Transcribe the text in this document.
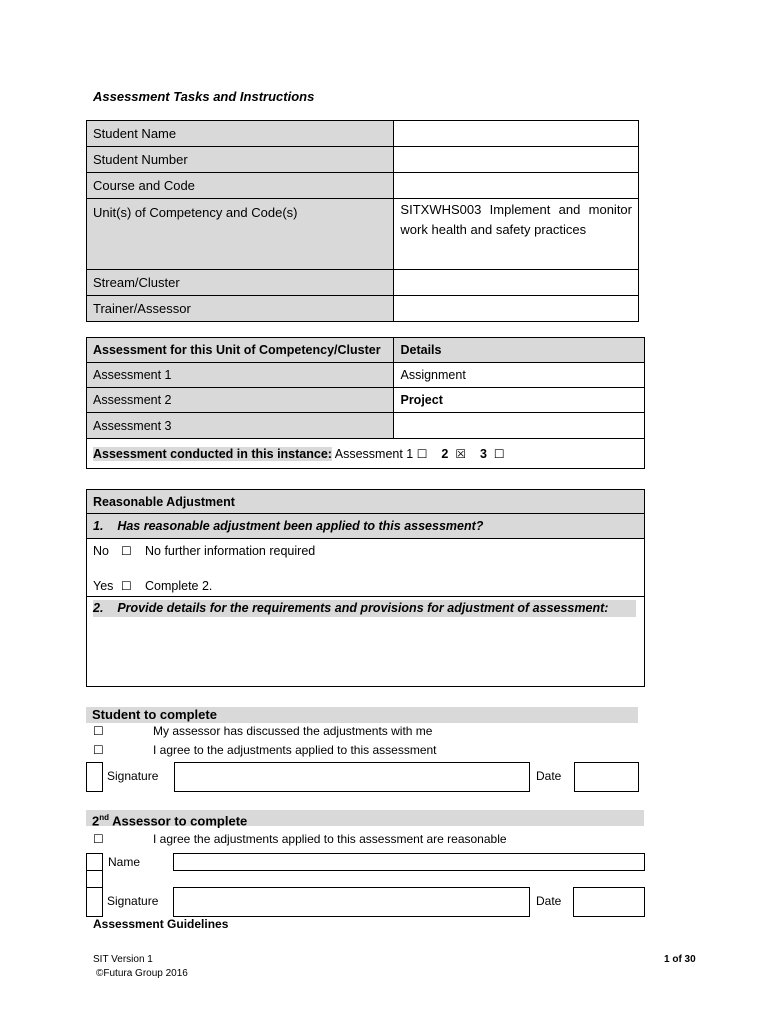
Assessment Tasks and Instructions
Student Name	
Student Number	
Course and Code	
Unit(s) of Competency and Code(s)	SITXWHS003 Implement and monitor work health and safety practices
Stream/Cluster	
Trainer/Assessor	
Assessment for this Unit of Competency/Cluster	Details
Assessment 1	Assignment
Assessment 2	Project
Assessment 3	
Assessment conducted in this instance: Assessment 1 ☐ 2 ☒ 3 ☐	
Reasonable Adjustment
1.    Has reasonable adjustment been applied to this assessment?

No ☐ No further information required
Yes ☐ Complete 2.

2.    Provide details for the requirements and provisions for adjustment of assessment:
Student to complete
☐	My assessor has discussed the adjustments with me
☐	I agree to the adjustments applied to this assessment
Signature	Date
2nd Assessor to complete
☐	I agree the adjustments applied to this assessment are reasonable
Name
Signature	Date
Assessment Guidelines
SIT Version 1
©Futura Group 2016
1 of 30
